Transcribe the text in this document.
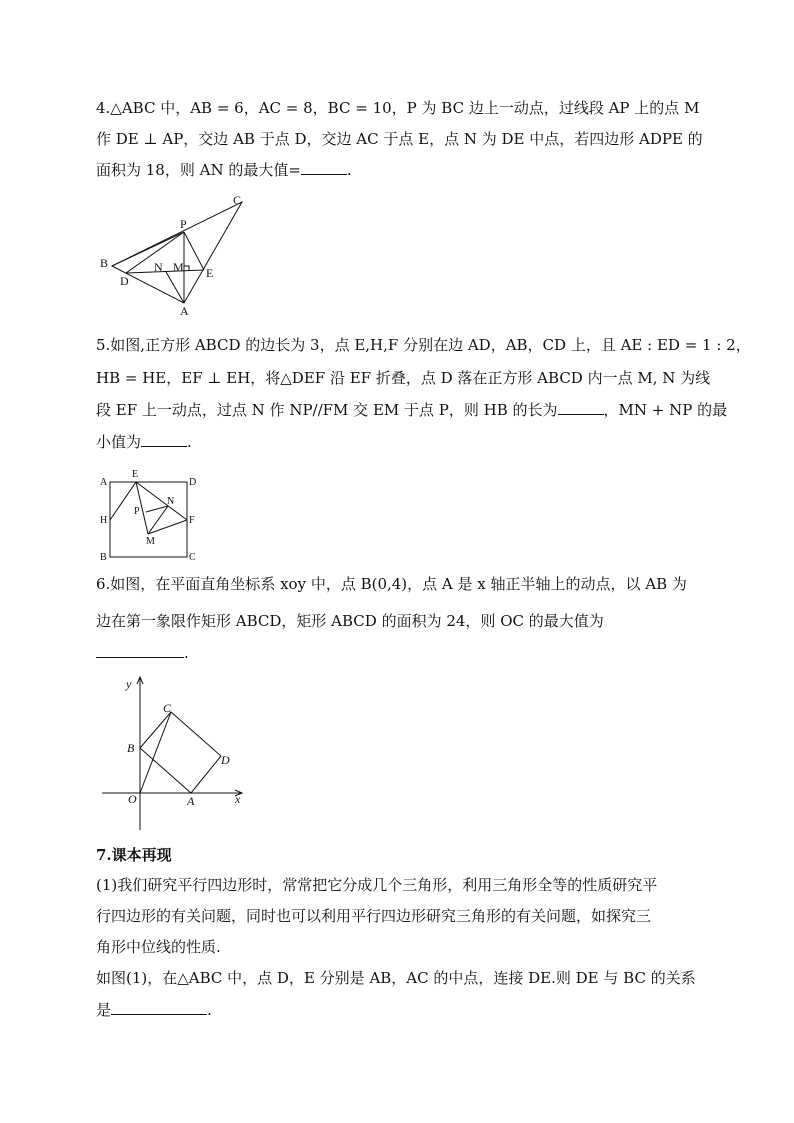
4.△ABC 中，AB = 6，AC = 8，BC = 10，P 为 BC 边上一动点，过线段 AP 上的点 M
作 DE ⊥ AP，交边 AB 于点 D，交边 AC 于点 E，点 N 为 DE 中点，若四边形 ADPE 的
面积为 18，则 AN 的最大值=	.
C
P
B	N M E
D
A
5.如图,正方形 ABCD 的边长为 3，点 E,H,F 分别在边 AD，AB，CD 上，且 AE : ED = 1 : 2，
HB = HE，EF ⊥ EH，将△DEF 沿 EF 折叠，点 D 落在正方形 ABCD 内一点 M, N 为线
段 EF 上一动点，过点 N 作 NP//FM 交 EM 于点 P，则 HB 的长为	，MN + NP 的最
小值为	.
A
E
D
N
P
H	F
M
B	C
6.如图，在平面直角坐标系 xoy 中，点 B(0,4)，点 A 是 x 轴正半轴上的动点，以 AB 为
边在第一象限作矩形 ABCD，矩形 ABCD 的面积为 24，则 OC 的最大值为
.
y
C
B
D
O	A	x
7.课本再现
(1)我们研究平行四边形时，常常把它分成几个三角形，利用三角形全等的性质研究平
行四边形的有关问题，同时也可以利用平行四边形研究三角形的有关问题，如探究三
角形中位线的性质.
如图(1)，在△ABC 中，点 D，E 分别是 AB，AC 的中点，连接 DE.则 DE 与 BC 的关系
是	.
